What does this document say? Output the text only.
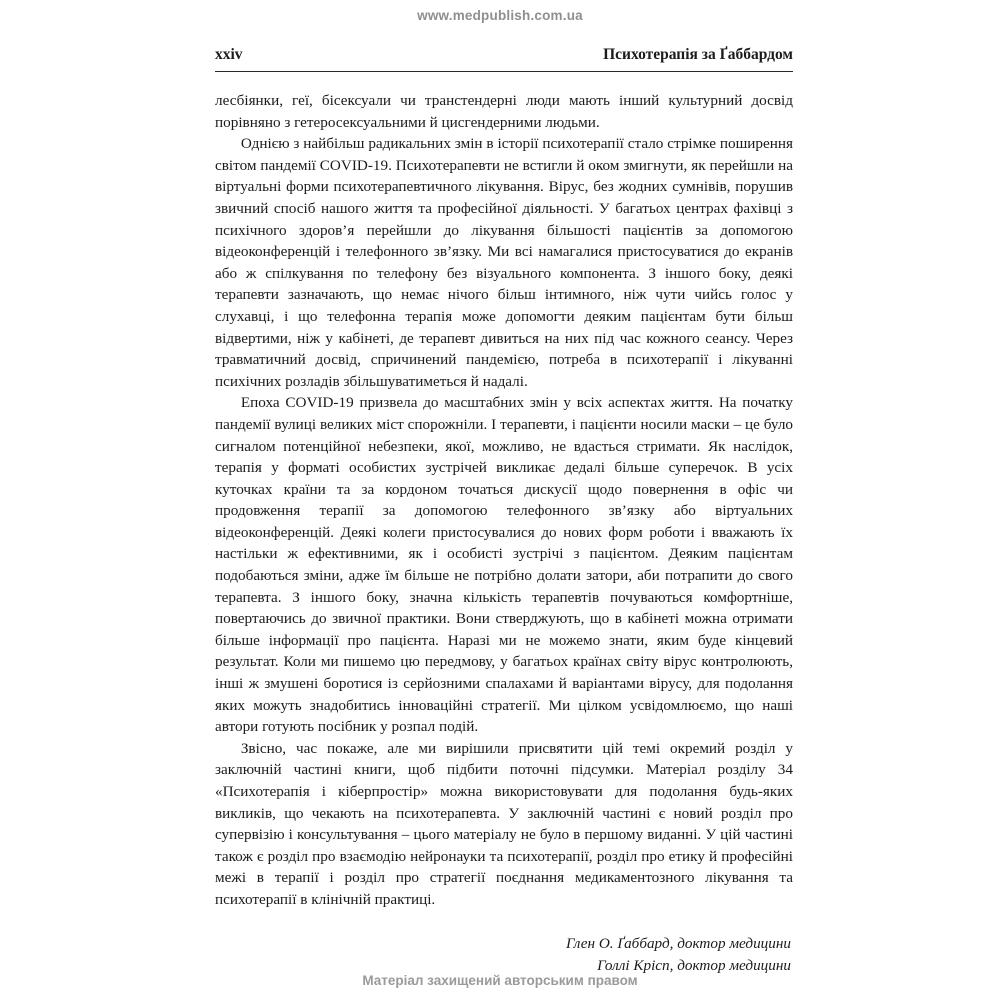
www.medpublish.com.ua
xxiv	Психотерапія за Ґаббардом

лесбіянки, геї, бісексуали чи транстендерні люди мають інший культурний досвід порівняно з гетеросексуальними й цисгендерними людьми.

Однією з найбільш радикальних змін в історії психотерапії стало стрімке поширення світом пандемії COVID-19. Психотерапевти не встигли й оком змигнути, як перейшли на віртуальні форми психотерапевтичного лікування. Вірус, без жодних сумнівів, порушив звичний спосіб нашого життя та професійної діяльності. У багатьох центрах фахівці з психічного здоров’я перейшли до лікування більшості пацієнтів за допомогою відеоконференцій і телефонного зв’язку. Ми всі намагалися пристосуватися до екранів або ж спілкування по телефону без візуального компонента. З іншого боку, деякі терапевти зазначають, що немає нічого більш інтимного, ніж чути чийсь голос у слухавці, і що телефонна терапія може допомогти деяким пацієнтам бути більш відвертими, ніж у кабінеті, де терапевт дивиться на них під час кожного сеансу. Через травматичний досвід, спричинений пандемією, потреба в психотерапії і лікуванні психічних розладів збільшуватиметься й надалі.

Епоха COVID-19 призвела до масштабних змін у всіх аспектах життя. На початку пандемії вулиці великих міст спорожніли. І терапевти, і пацієнти носили маски – це було сигналом потенційної небезпеки, якої, можливо, не вдасться стримати. Як наслідок, терапія у форматі особистих зустрічей викликає дедалі більше суперечок. В усіх куточках країни та за кордоном точаться дискусії щодо повернення в офіс чи продовження терапії за допомогою телефонного зв’язку або віртуальних відеоконференцій. Деякі колеги пристосувалися до нових форм роботи і вважають їх настільки ж ефективними, як і особисті зустрічі з пацієнтом. Деяким пацієнтам подобаються зміни, адже їм більше не потрібно долати затори, аби потрапити до свого терапевта. З іншого боку, значна кількість терапевтів почуваються комфортніше, повертаючись до звичної практики. Вони стверджують, що в кабінеті можна отримати більше інформації про пацієнта. Наразі ми не можемо знати, яким буде кінцевий результат. Коли ми пишемо цю передмову, у багатьох країнах світу вірус контролюють, інші ж змушені боротися із серйозними спалахами й варіантами вірусу, для подолання яких можуть знадобитись інноваційні стратегії. Ми цілком усвідомлюємо, що наші автори готують посібник у розпал подій.

Звісно, час покаже, але ми вирішили присвятити цій темі окремий розділ у заключній частині книги, щоб підбити поточні підсумки. Матеріал розділу 34 «Психотерапія і кіберпростір» можна використовувати для подолання будь-яких викликів, що чекають на психотерапевта. У заключній частині є новий розділ про супервізію і консультування – цього матеріалу не було в першому виданні. У цій частині також є розділ про взаємодію нейронауки та психотерапії, розділ про етику й професійні межі в терапії і розділ про стратегії поєднання медикаментозного лікування та психотерапії в клінічній практиці.

Глен О. Ґаббард, доктор медицини
Голлі Крісп, доктор медицини
Матеріал захищений авторським правом
